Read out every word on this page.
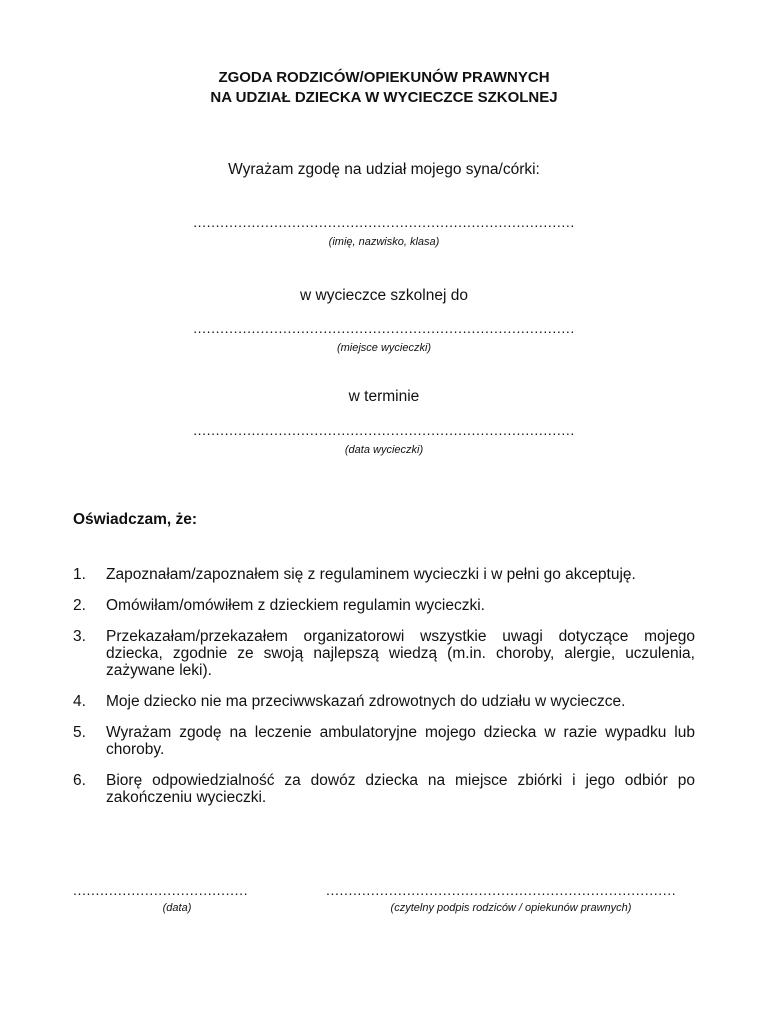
ZGODA RODZICÓW/OPIEKUNÓW PRAWNYCH
NA UDZIAŁ DZIECKA W WYCIECZCE SZKOLNEJ
Wyrażam zgodę na udział mojego syna/córki:
.....................................................................................
(imię, nazwisko, klasa)
w wycieczce szkolnej do
.....................................................................................
(miejsce wycieczki)
w terminie
.....................................................................................
(data wycieczki)
Oświadczam, że:
1.	Zapoznałam/zapoznałem się z regulaminem wycieczki i w pełni go akceptuję.
2.	Omówiłam/omówiłem z dzieckiem regulamin wycieczki.
3.	Przekazałam/przekazałem organizatorowi wszystkie uwagi dotyczące mojego dziecka, zgodnie ze swoją najlepszą wiedzą (m.in. choroby, alergie, uczulenia, zażywane leki).
4.	Moje dziecko nie ma przeciwwskazań zdrowotnych do udziału w wycieczce.
5.	Wyrażam zgodę na leczenie ambulatoryjne mojego dziecka w razie wypadku lub choroby.
6.	Biorę odpowiedzialność za dowóz dziecka na miejsce zbiórki i jego odbiór po zakończeniu wycieczki.
.......................................
(data)
..............................................................................
(czytelny podpis rodziców / opiekunów prawnych)
